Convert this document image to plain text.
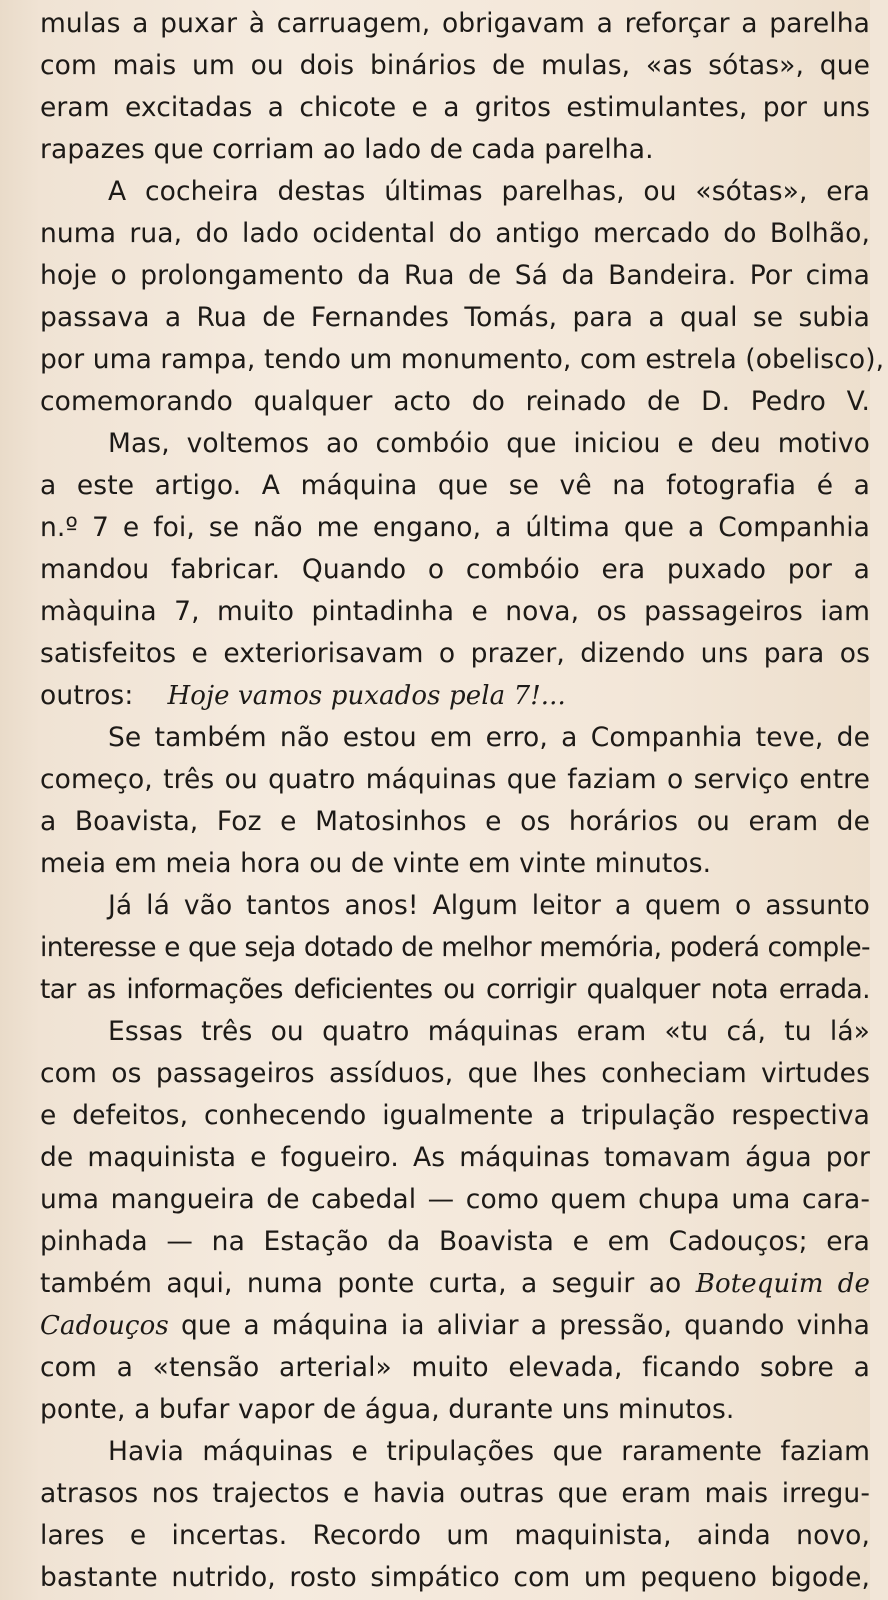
mulas a puxar à carruagem, obrigavam a reforçar a parelha
com mais um ou dois binários de mulas, «as sótas», que
eram excitadas a chicote e a gritos estimulantes, por uns
rapazes que corriam ao lado de cada parelha.
A cocheira destas últimas parelhas, ou «sótas», era
numa rua, do lado ocidental do antigo mercado do Bolhão,
hoje o prolongamento da Rua de Sá da Bandeira. Por cima
passava a Rua de Fernandes Tomás, para a qual se subia
por uma rampa, tendo um monumento, com estrela (obelisco),
comemorando qualquer acto do reinado de D. Pedro V.
Mas, voltemos ao combóio que iniciou e deu motivo
a este artigo. A máquina que se vê na fotografia é a
n.º 7 e foi, se não me engano, a última que a Companhia
mandou fabricar. Quando o combóio era puxado por a
màquina 7, muito pintadinha e nova, os passageiros iam
satisfeitos e exteriorisavam o prazer, dizendo uns para os
outros: Hoje vamos puxados pela 7!...
Se também não estou em erro, a Companhia teve, de
começo, três ou quatro máquinas que faziam o serviço entre
a Boavista, Foz e Matosinhos e os horários ou eram de
meia em meia hora ou de vinte em vinte minutos.
Já lá vão tantos anos! Algum leitor a quem o assunto
interesse e que seja dotado de melhor memória, poderá comple-
tar as informações deficientes ou corrigir qualquer nota errada.
Essas três ou quatro máquinas eram «tu cá, tu lá»
com os passageiros assíduos, que lhes conheciam virtudes
e defeitos, conhecendo igualmente a tripulação respectiva
de maquinista e fogueiro. As máquinas tomavam água por
uma mangueira de cabedal — como quem chupa uma cara-
pinhada — na Estação da Boavista e em Cadouços; era
também aqui, numa ponte curta, a seguir ao Botequim de
Cadouços que a máquina ia aliviar a pressão, quando vinha
com a «tensão arterial» muito elevada, ficando sobre a
ponte, a bufar vapor de água, durante uns minutos.
Havia máquinas e tripulações que raramente faziam
atrasos nos trajectos e havia outras que eram mais irregu-
lares e incertas. Recordo um maquinista, ainda novo,
bastante nutrido, rosto simpático com um pequeno bigode,
